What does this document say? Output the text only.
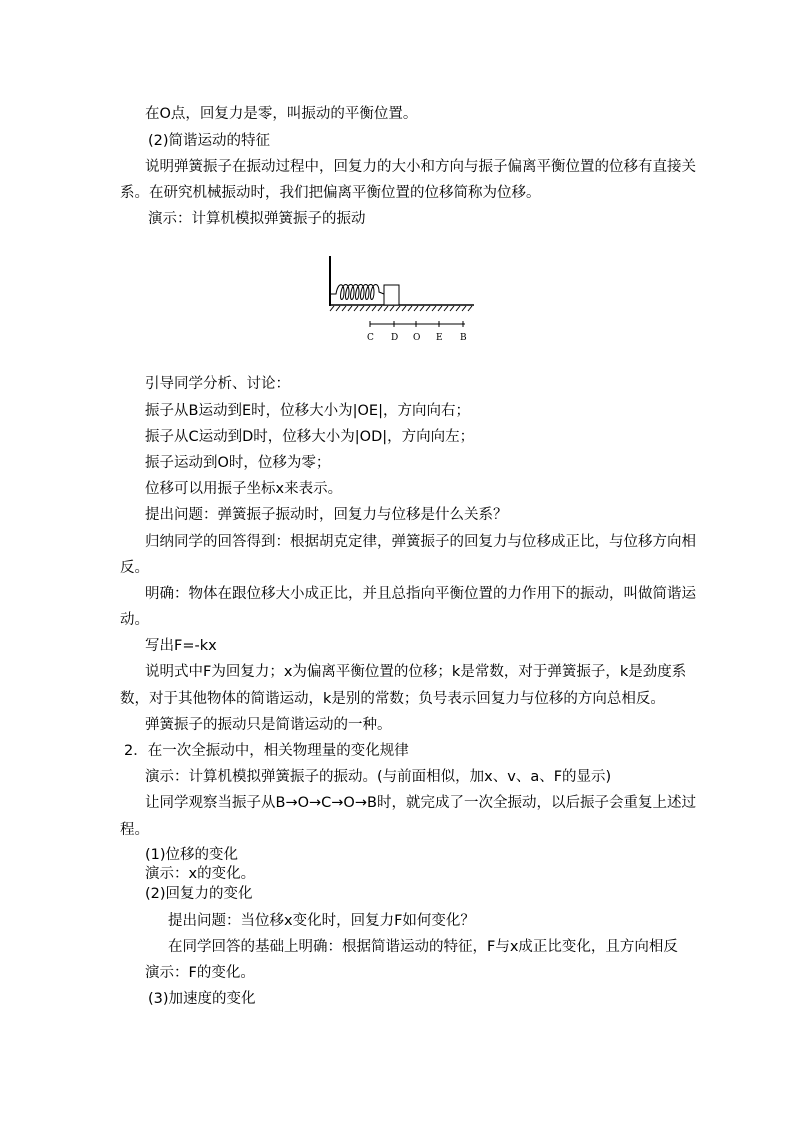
在O点，回复力是零，叫振动的平衡位置。
(2)简谐运动的特征
说明弹簧振子在振动过程中，回复力的大小和方向与振子偏离平衡位置的位移有直接关
系。在研究机械振动时，我们把偏离平衡位置的位移简称为位移。
演示：计算机模拟弹簧振子的振动
C D O E B
引导同学分析、讨论：
振子从B运动到E时，位移大小为|OE|，方向向右；
振子从C运动到D时，位移大小为|OD|，方向向左；
振子运动到O时，位移为零；
位移可以用振子坐标x来表示。
提出问题：弹簧振子振动时，回复力与位移是什么关系？
归纳同学的回答得到：根据胡克定律，弹簧振子的回复力与位移成正比，与位移方向相
反。
明确：物体在跟位移大小成正比，并且总指向平衡位置的力作用下的振动，叫做简谐运
动。
写出F=-kx
说明式中F为回复力；x为偏离平衡位置的位移；k是常数，对于弹簧振子，k是劲度系
数，对于其他物体的简谐运动，k是别的常数；负号表示回复力与位移的方向总相反。
弹簧振子的振动只是简谐运动的一种。
2．在一次全振动中，相关物理量的变化规律
演示：计算机模拟弹簧振子的振动。(与前面相似，加x、v、a、F的显示)
让同学观察当振子从B→O→C→O→B时，就完成了一次全振动，以后振子会重复上述过
程。
(1)位移的变化
演示：x的变化。
(2)回复力的变化
提出问题：当位移x变化时，回复力F如何变化？
在同学回答的基础上明确：根据简谐运动的特征，F与x成正比变化，且方向相反
演示：F的变化。
(3)加速度的变化
